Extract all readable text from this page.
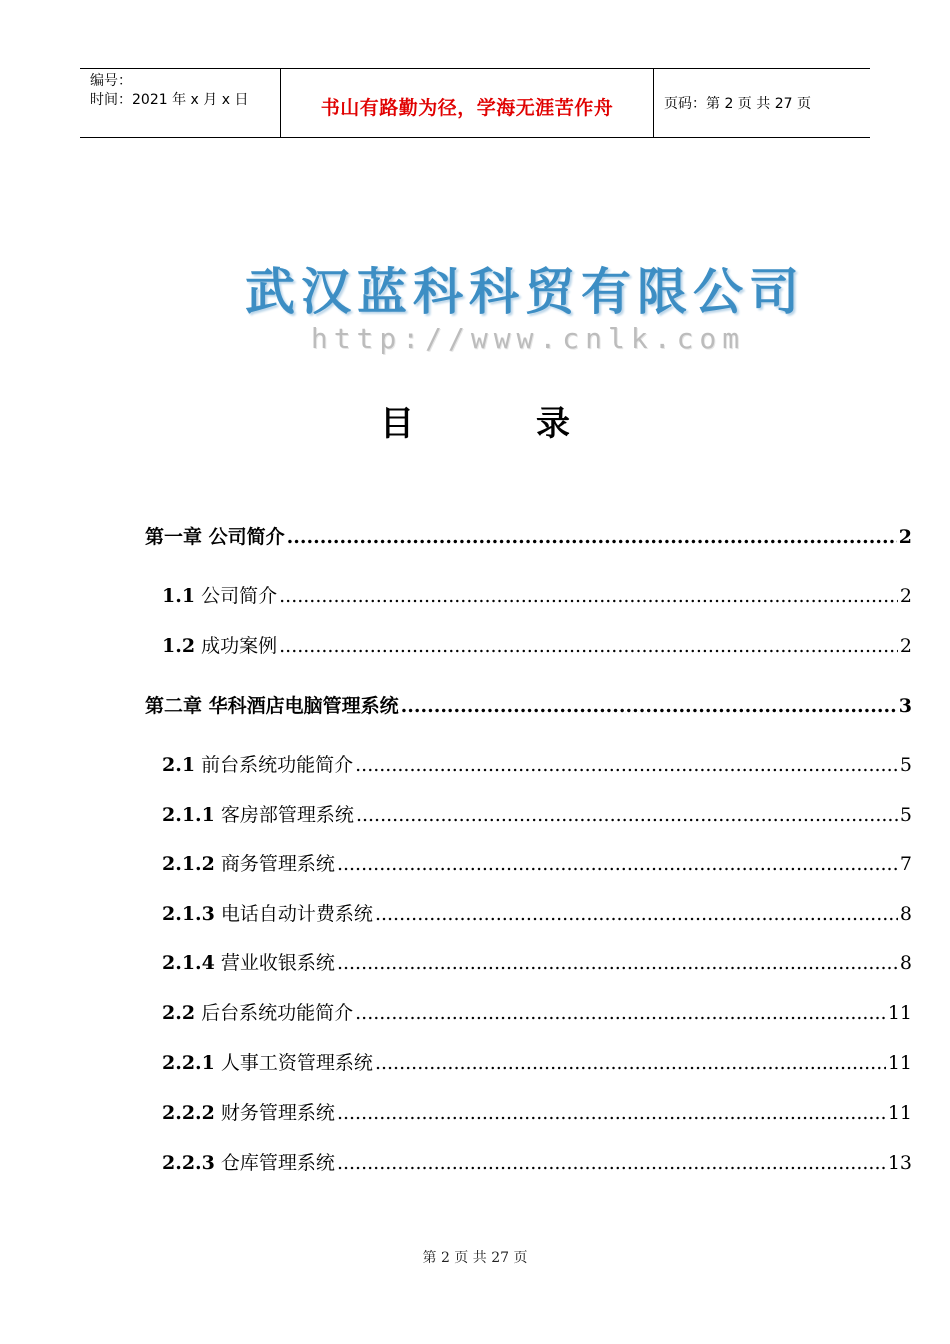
编号：
时间：2021 年 x 月 x 日	书山有路勤为径，学海无涯苦作舟	页码：第 2 页 共 27 页
武汉蓝科科贸有限公司
http://www.cnlk.com
目	录
第一章 公司简介 .....	2
1.1 公司简介 .....	2
1.2 成功案例 .....	2
第二章 华科酒店电脑管理系统 .....	3
2.1 前台系统功能简介 .....	5
2.1.1 客房部管理系统 .....	5
2.1.2 商务管理系统 .....	7
2.1.3 电话自动计费系统 .....	8
2.1.4 营业收银系统 .....	8
2.2 后台系统功能简介 .....	11
2.2.1 人事工资管理系统 .....	11
2.2.2 财务管理系统 .....	11
2.2.3 仓库管理系统 .....	13
第 2 页 共 27 页
